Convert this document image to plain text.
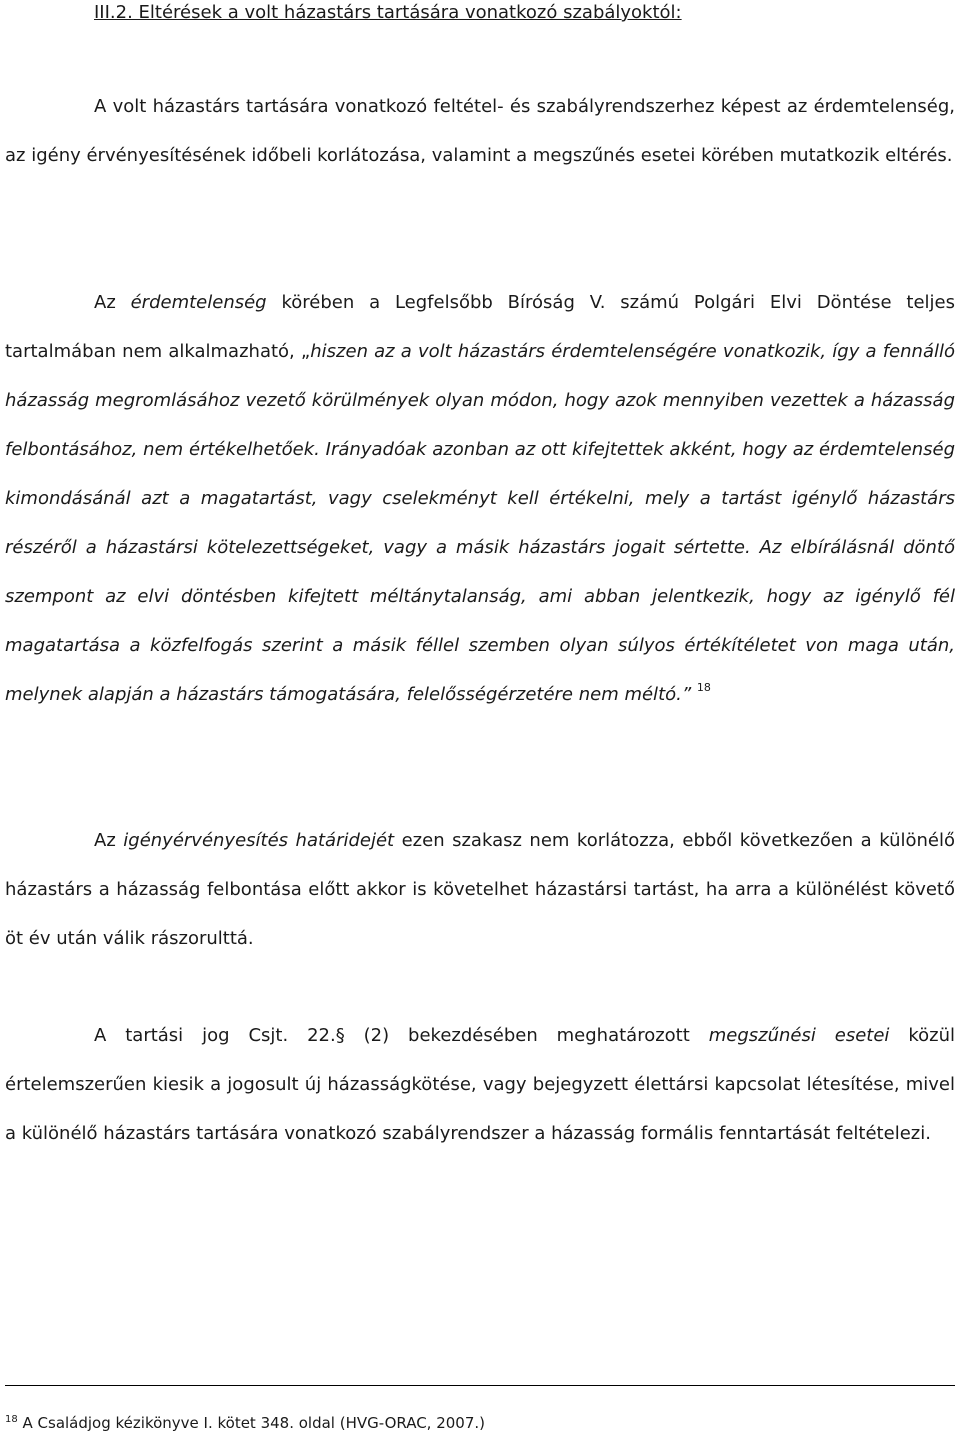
III.2. Eltérések a volt házastárs tartására vonatkozó szabályoktól:

A volt házastárs tartására vonatkozó feltétel- és szabályrendszerhez képest az érdemtelenség, az igény érvényesítésének időbeli korlátozása, valamint a megszűnés esetei körében mutatkozik eltérés.

Az érdemtelenség körében a Legfelsőbb Bíróság V. számú Polgári Elvi Döntése teljes tartalmában nem alkalmazható, „hiszen az a volt házastárs érdemtelenségére vonatkozik, így a fennálló házasság megromlásához vezető körülmények olyan módon, hogy azok mennyiben vezettek a házasság felbontásához, nem értékelhetőek. Irányadóak azonban az ott kifejtettek akként, hogy az érdemtelenség kimondásánál azt a magatartást, vagy cselekményt kell értékelni, mely a tartást igénylő házastárs részéről a házastársi kötelezettségeket, vagy a másik házastárs jogait sértette. Az elbírálásnál döntő szempont az elvi döntésben kifejtett méltánytalanság, ami abban jelentkezik, hogy az igénylő fél magatartása a közfelfogás szerint a másik féllel szemben olyan súlyos értékítéletet von maga után, melynek alapján a házastárs támogatására, felelősségérzetére nem méltó.” $^{18}$

Az igényérvényesítés határidejét ezen szakasz nem korlátozza, ebből következően a különélő házastárs a házasság felbontása előtt akkor is követelhet házastársi tartást, ha arra a különélést követő öt év után válik rászorulttá.

A tartási jog Csjt. 22.§ (2) bekezdésében meghatározott megszűnési esetei közül értelemszerűen kiesik a jogosult új házasságkötése, vagy bejegyzett élettársi kapcsolat létesítése, mivel a különélő házastárs tartására vonatkozó szabályrendszer a házasság formális fenntartását feltételezi.

$^{18}$ A Családjog kézikönyve I. kötet 348. oldal (HVG-ORAC, 2007.)
